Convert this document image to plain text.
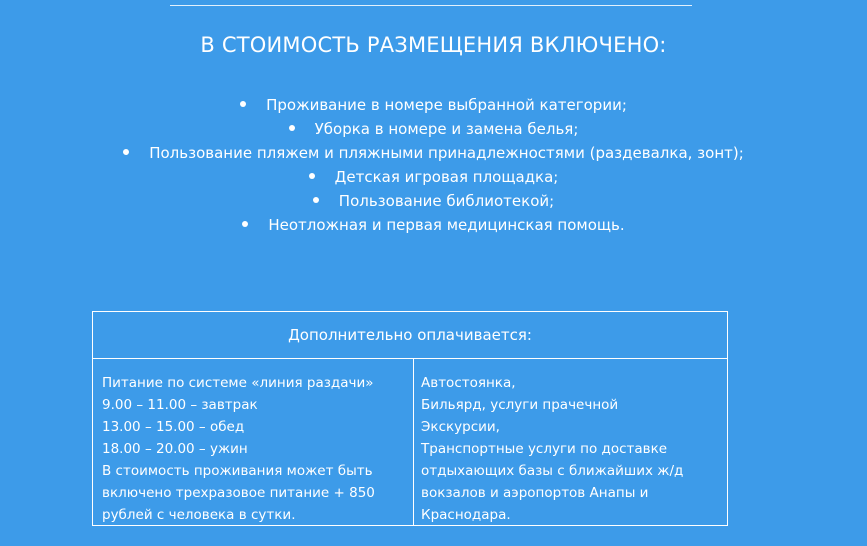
В СТОИМОСТЬ РАЗМЕЩЕНИЯ ВКЛЮЧЕНО:
Проживание в номере выбранной категории;
Уборка в номере и замена белья;
Пользование пляжем и пляжными принадлежностями (раздевалка, зонт);
Детская игровая площадка;
Пользование библиотекой;
Неотложная и первая медицинская помощь.
Дополнительно оплачивается:
Питание по системе «линия раздачи»
9.00 – 11.00 – завтрак
13.00 – 15.00 – обед
18.00 – 20.00 – ужин
В стоимость проживания может быть
включено трехразовое питание + 850
рублей с человека в сутки.
Автостоянка,
Бильярд, услуги прачечной
Экскурсии,
Транспортные услуги по доставке
отдыхающих базы с ближайших ж/д
вокзалов и аэропортов Анапы и
Краснодара.
